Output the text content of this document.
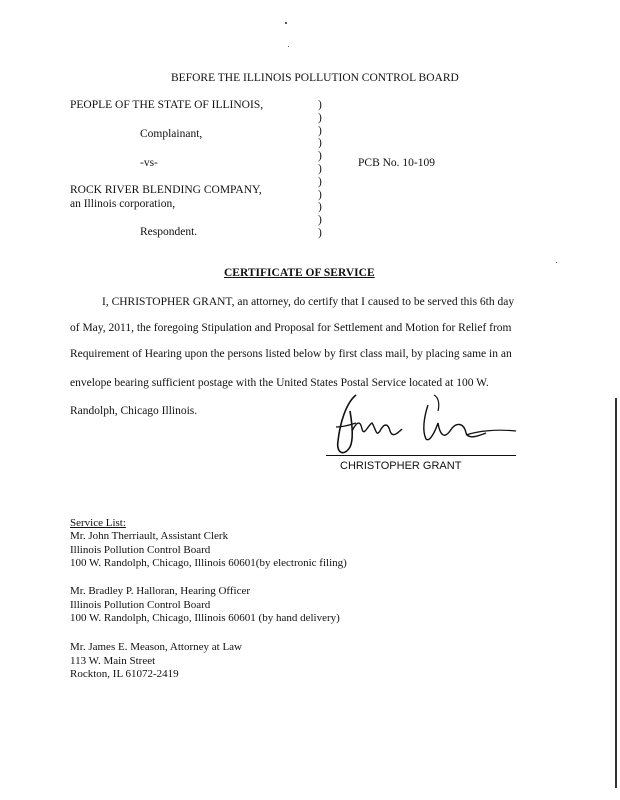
BEFORE THE ILLINOIS POLLUTION CONTROL BOARD
PEOPLE OF THE STATE OF ILLINOIS,
Complainant,
-vs-	PCB No. 10-109
ROCK RIVER BLENDING COMPANY,
an Illinois corporation,
Respondent.
)
)
)
)
)
)
)
)
)
)
)
CERTIFICATE OF SERVICE
I, CHRISTOPHER GRANT, an attorney, do certify that I caused to be served this 6th day
of May, 2011, the foregoing Stipulation and Proposal for Settlement and Motion for Relief from
Requirement of Hearing upon the persons listed below by first class mail, by placing same in an
envelope bearing sufficient postage with the United States Postal Service located at 100 W.
Randolph, Chicago Illinois.
CHRISTOPHER GRANT
Service List:
Mr. John Therriault, Assistant Clerk
Illinois Pollution Control Board
100 W. Randolph, Chicago, Illinois 60601(by electronic filing)
Mr. Bradley P. Halloran, Hearing Officer
Illinois Pollution Control Board
100 W. Randolph, Chicago, Illinois 60601 (by hand delivery)
Mr. James E. Meason, Attorney at Law
113 W. Main Street
Rockton, IL 61072-2419
